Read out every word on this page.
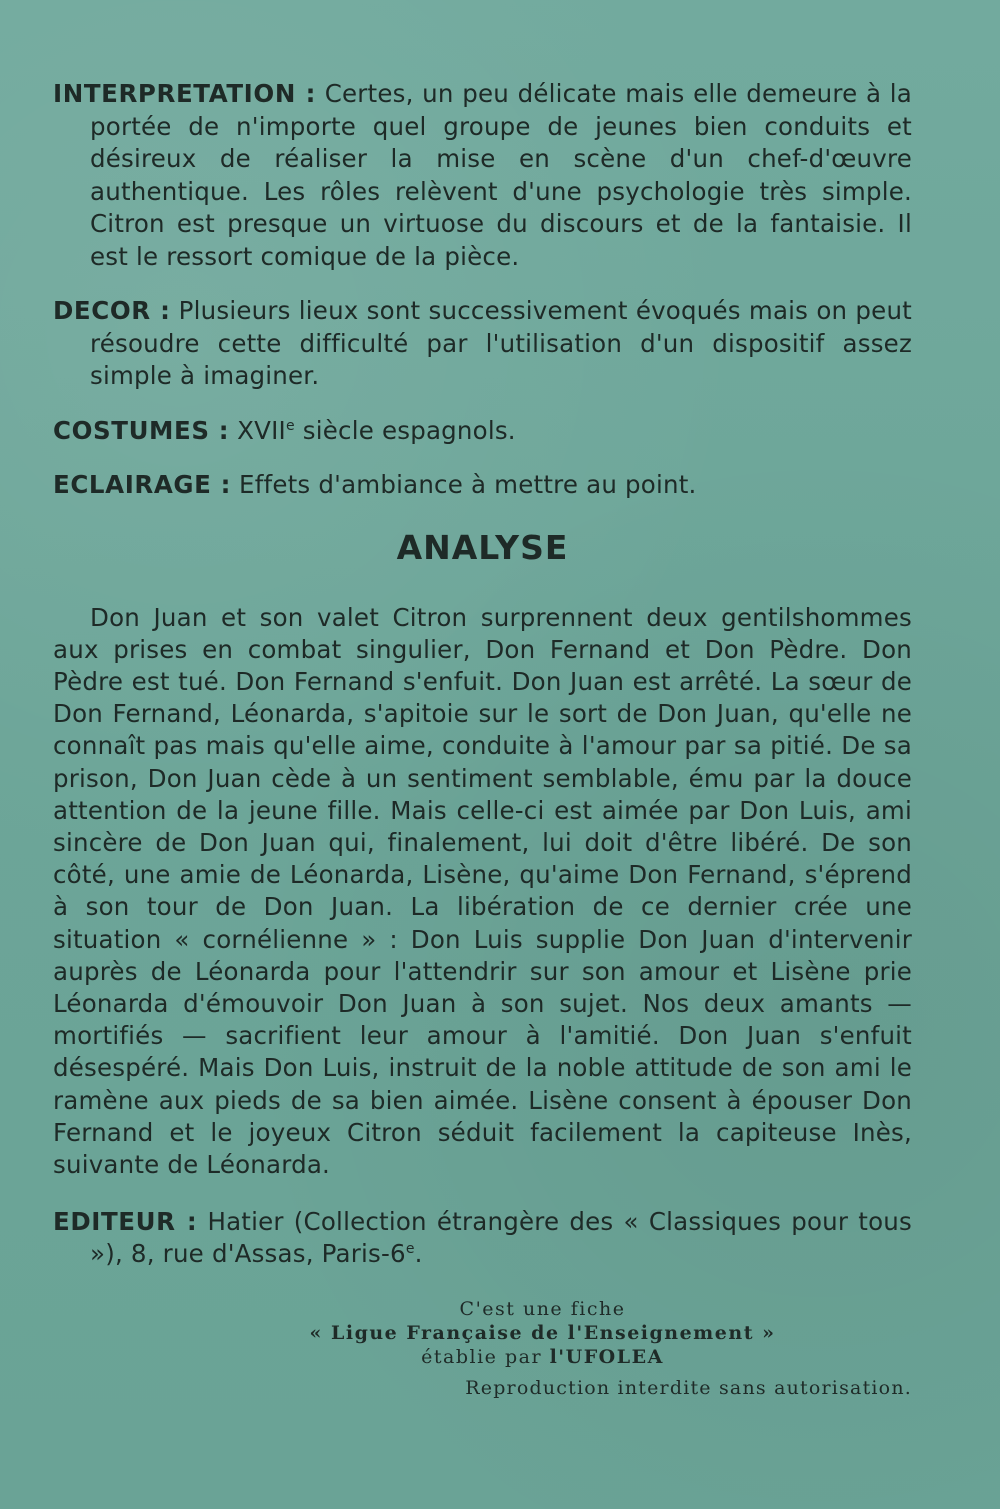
INTERPRETATION : Certes, un peu délicate mais elle demeure à la portée de n'importe quel groupe de jeunes bien conduits et désireux de réaliser la mise en scène d'un chef-d'œuvre authentique. Les rôles relèvent d'une psychologie très simple. Citron est presque un virtuose du discours et de la fantaisie. Il est le ressort comique de la pièce.

DECOR : Plusieurs lieux sont successivement évoqués mais on peut résoudre cette difficulté par l'utilisation d'un dispositif assez simple à imaginer.

COSTUMES : XVIIe siècle espagnols.

ECLAIRAGE : Effets d'ambiance à mettre au point.

ANALYSE

Don Juan et son valet Citron surprennent deux gentilshommes aux prises en combat singulier, Don Fernand et Don Pèdre. Don Pèdre est tué. Don Fernand s'enfuit. Don Juan est arrêté. La sœur de Don Fernand, Léonarda, s'apitoie sur le sort de Don Juan, qu'elle ne connaît pas mais qu'elle aime, conduite à l'amour par sa pitié. De sa prison, Don Juan cède à un sentiment semblable, ému par la douce attention de la jeune fille. Mais celle-ci est aimée par Don Luis, ami sincère de Don Juan qui, finalement, lui doit d'être libéré. De son côté, une amie de Léonarda, Lisène, qu'aime Don Fernand, s'éprend à son tour de Don Juan. La libération de ce dernier crée une situation « cornélienne » : Don Luis supplie Don Juan d'intervenir auprès de Léonarda pour l'attendrir sur son amour et Lisène prie Léonarda d'émouvoir Don Juan à son sujet. Nos deux amants — mortifiés — sacrifient leur amour à l'amitié. Don Juan s'enfuit désespéré. Mais Don Luis, instruit de la noble attitude de son ami le ramène aux pieds de sa bien aimée. Lisène consent à épouser Don Fernand et le joyeux Citron séduit facilement la capiteuse Inès, suivante de Léonarda.

EDITEUR : Hatier (Collection étrangère des « Classiques pour tous »), 8, rue d'Assas, Paris-6e.

C'est une fiche
« Ligue Française de l'Enseignement »
établie par l'UFOLEA
Reproduction interdite sans autorisation.
